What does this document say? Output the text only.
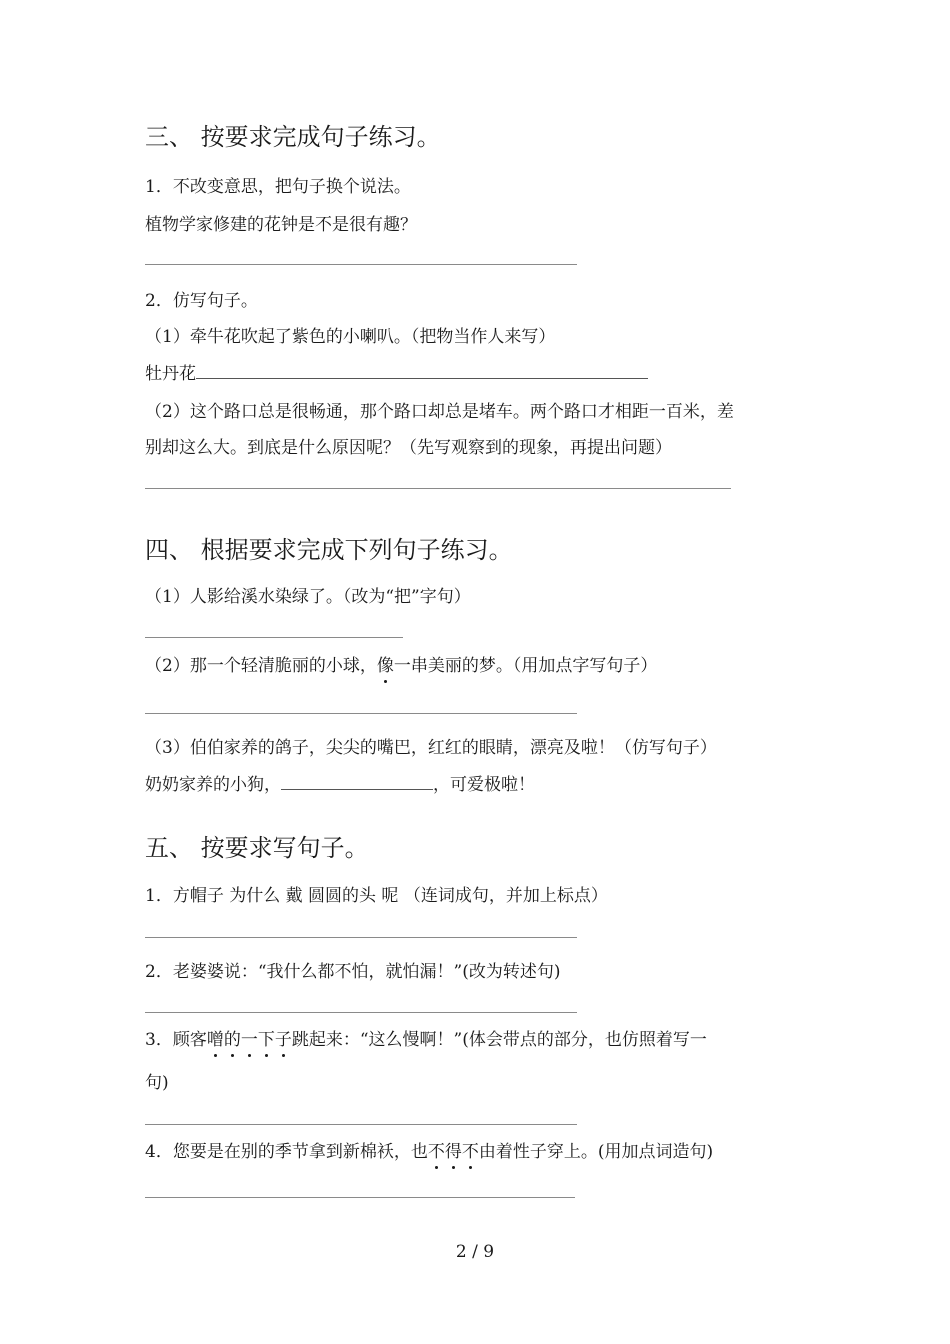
三、 按要求完成句子练习。
1．不改变意思，把句子换个说法。
植物学家修建的花钟是不是很有趣？
2．仿写句子。
（1）牵牛花吹起了紫色的小喇叭。（把物当作人来写）
牡丹花
（2）这个路口总是很畅通，那个路口却总是堵车。两个路口才相距一百米，差
别却这么大。到底是什么原因呢？（先写观察到的现象，再提出问题）
四、 根据要求完成下列句子练习。
（1）人影给溪水染绿了。（改为“把”字句）
（2）那一个轻清脆丽的小球，像一串美丽的梦。（用加点字写句子）
（3）伯伯家养的鸽子，尖尖的嘴巴，红红的眼睛，漂亮及啦！（仿写句子）
奶奶家养的小狗，	，可爱极啦！
五、 按要求写句子。
1．方帽子 为什么 戴 圆圆的头 呢 （连词成句，并加上标点）
2．老婆婆说：“我什么都不怕，就怕漏！”(改为转述句)
3．顾客噌的一下子跳起来：“这么慢啊！”(体会带点的部分，也仿照着写一
句)
4．您要是在别的季节拿到新棉袄，也不得不由着性子穿上。(用加点词造句)
2 / 9
